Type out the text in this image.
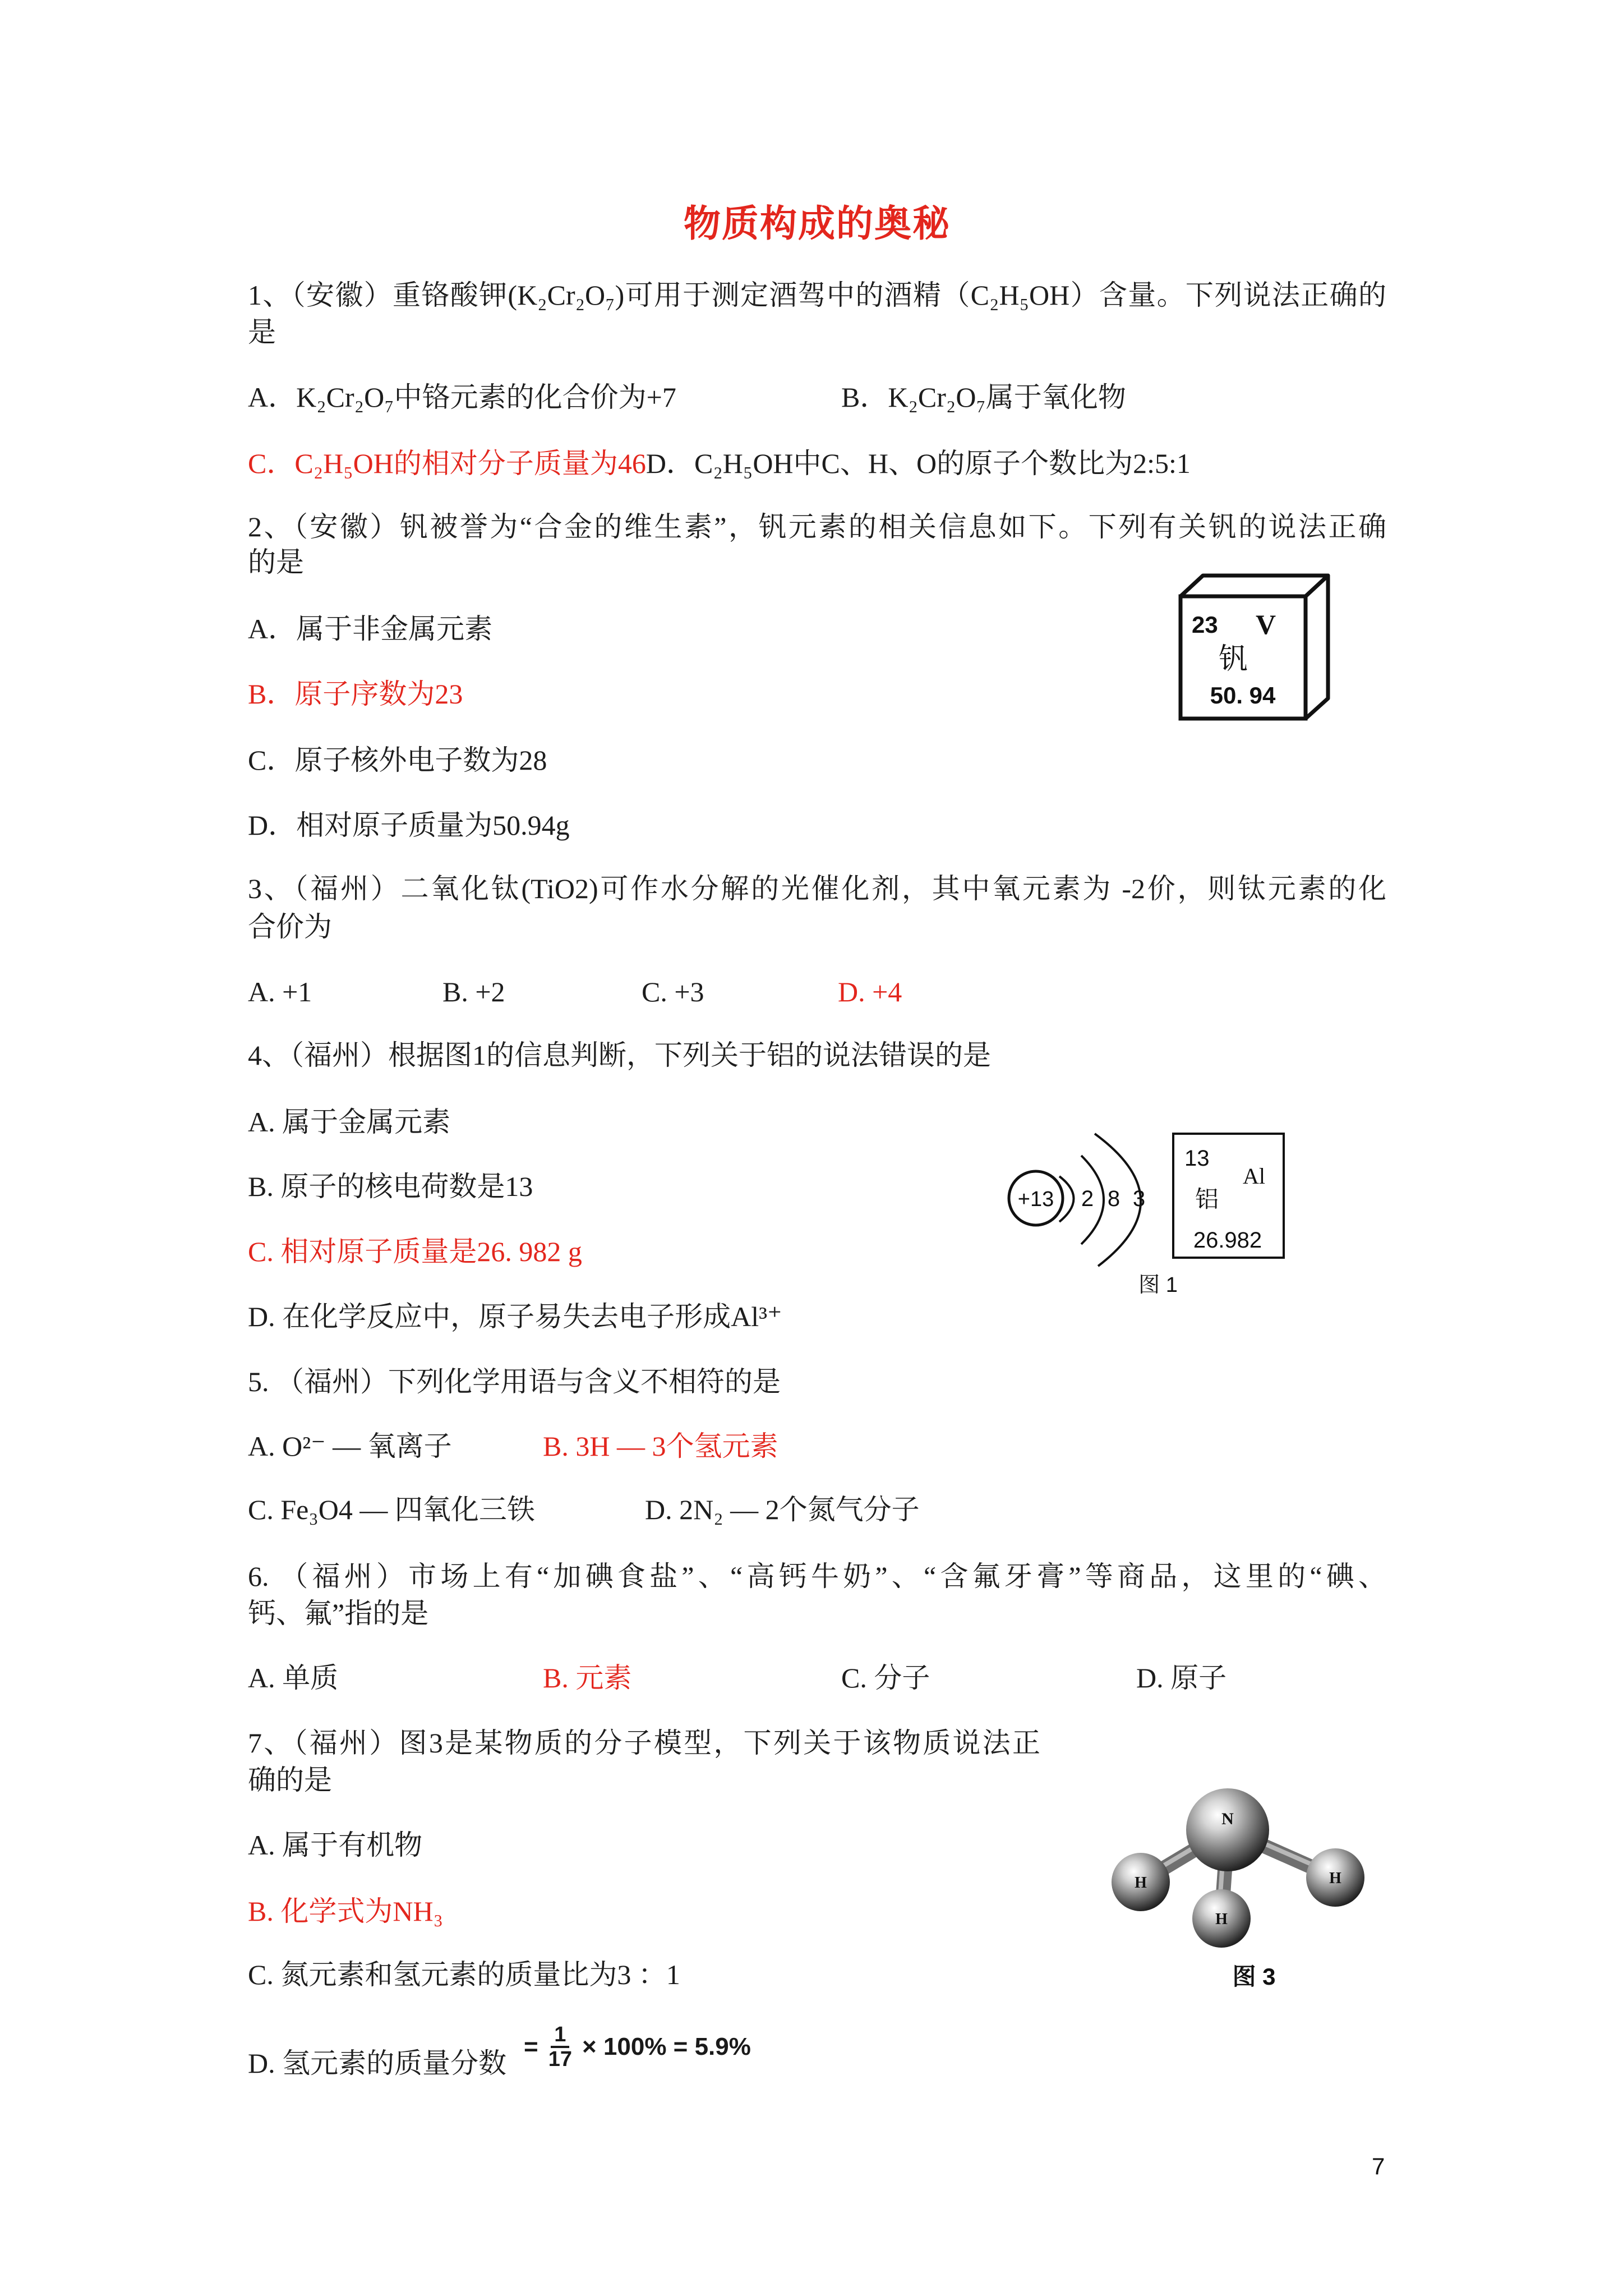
物质构成的奥秘
1、（安徽）重铬酸钾(K₂Cr₂O₇)可用于测定酒驾中的酒精（C₂H₅OH）含量。下列说法正确的
是
A．K₂Cr₂O₇中铬元素的化合价为+7	B．K₂Cr₂O₇属于氧化物
C．C₂H₅OH的相对分子质量为46D．C₂H₅OH中C、H、O的原子个数比为2:5:1
2、（安徽）钒被誉为“合金的维生素”，钒元素的相关信息如下。下列有关钒的说法正确
的是
A．属于非金属元素
B．原子序数为23
C．原子核外电子数为28
D．相对原子质量为50.94g
23 V
钒
50. 94
3、（福州）二氧化钛(TiO2)可作水分解的光催化剂，其中氧元素为 -2价，则钛元素的化
合价为
A. +1	B. +2	C. +3	D. +4
4、（福州）根据图1的信息判断，下列关于铝的说法错误的是
A. 属于金属元素
B. 原子的核电荷数是13
C. 相对原子质量是26. 982 g
D. 在化学反应中，原子易失去电子形成Al³⁺
+13 2 8 3
13
Al
铝
26.982
图 1
5. （福州）下列化学用语与含义不相符的是
A. O²⁻ — 氧离子	B. 3H — 3个氢元素
C. Fe₃O4 — 四氧化三铁	D. 2N₂ — 2个氮气分子
6. （福州）市场上有“加碘食盐”、“高钙牛奶”、“含氟牙膏”等商品，这里的“碘、
钙、氟”指的是
A. 单质	B. 元素	C. 分子	D. 原子
7、（福州）图3是某物质的分子模型，下列关于该物质说法正
确的是
A. 属于有机物
B. 化学式为NH₃
C. 氮元素和氢元素的质量比为3 ：1
D. 氢元素的质量分数
= $\frac{1}{17} \times 100\% = 5.9\%$
N
H	H
H
图 3
7
